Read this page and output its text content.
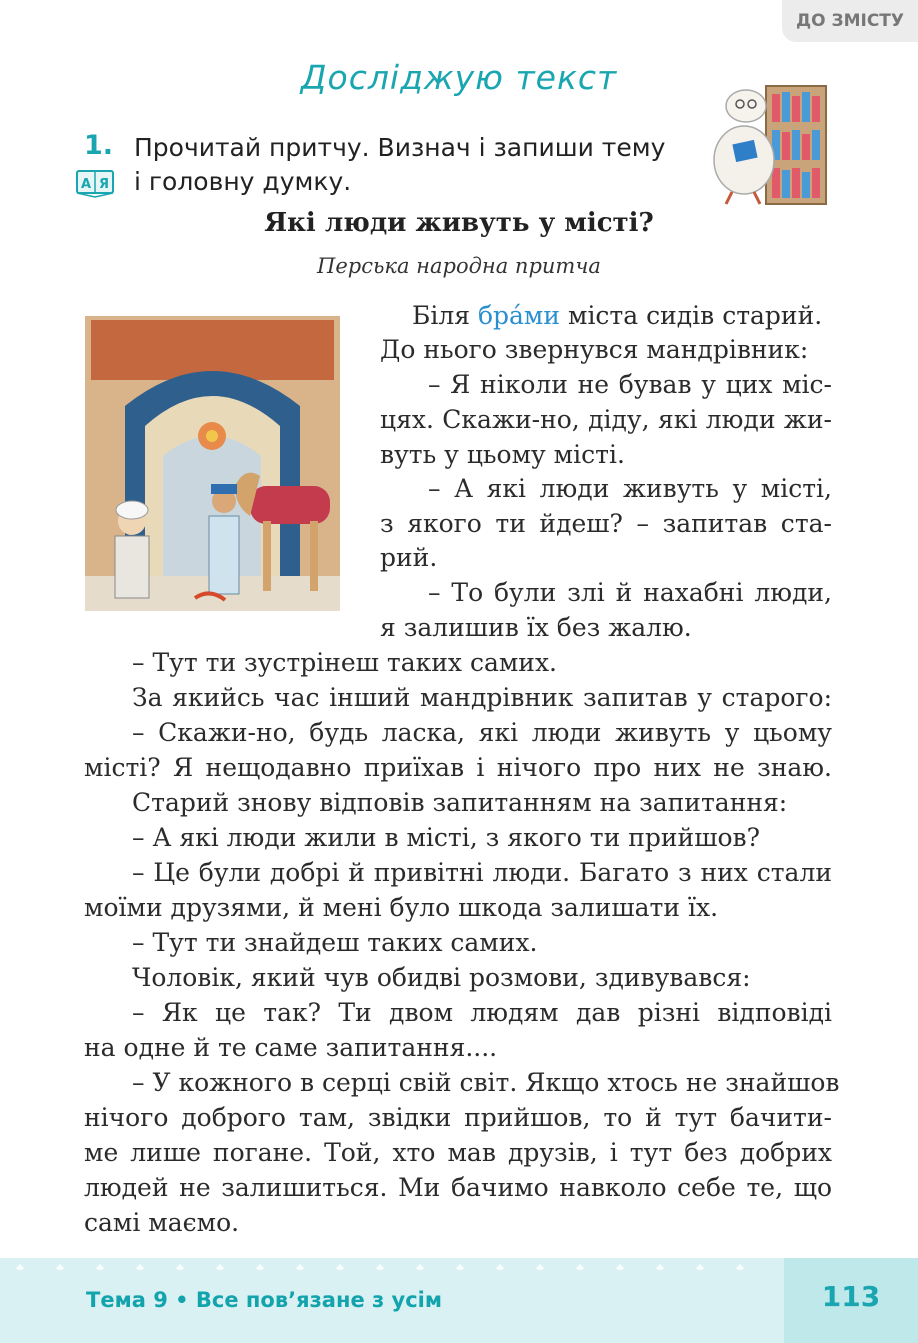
ДО ЗМІСТУ
Досліджую текст
1.
А Я
Прочитай притчу. Визнач і запиши тему
і головну думку.
Які люди живуть у місті?
Перська народна притча
Біля бра́ми міста сидів старий.
До нього звернувся мандрівник:
– Я ніколи не бував у цих міс-
цях. Скажи-но, діду, які люди жи-
вуть у цьому місті.
– А які люди живуть у місті,
з якого ти йдеш? – запитав ста-
рий.
– То були злі й нахабні люди,
я залишив їх без жалю.
– Тут ти зустрінеш таких самих.
За якийсь час інший мандрівник запитав у старого:
– Скажи-но, будь ласка, які люди живуть у цьому
місті? Я нещодавно приїхав і нічого про них не знаю.
Старий знову відповів запитанням на запитання:
– А які люди жили в місті, з якого ти прийшов?
– Це були добрі й привітні люди. Багато з них стали
моїми друзями, й мені було шкода залишати їх.
– Тут ти знайдеш таких самих.
Чоловік, який чув обидві розмови, здивувався:
– Як це так? Ти двом людям дав різні відповіді
на одне й те саме запитання....
– У кожного в серці свій світ. Якщо хтось не знайшов
нічого доброго там, звідки прийшов, то й тут бачити-
ме лише погане. Той, хто мав друзів, і тут без добрих
людей не залишиться. Ми бачимо навколо себе те, що
самі маємо.
Тема 9 • Все пов’язане з усім	113
